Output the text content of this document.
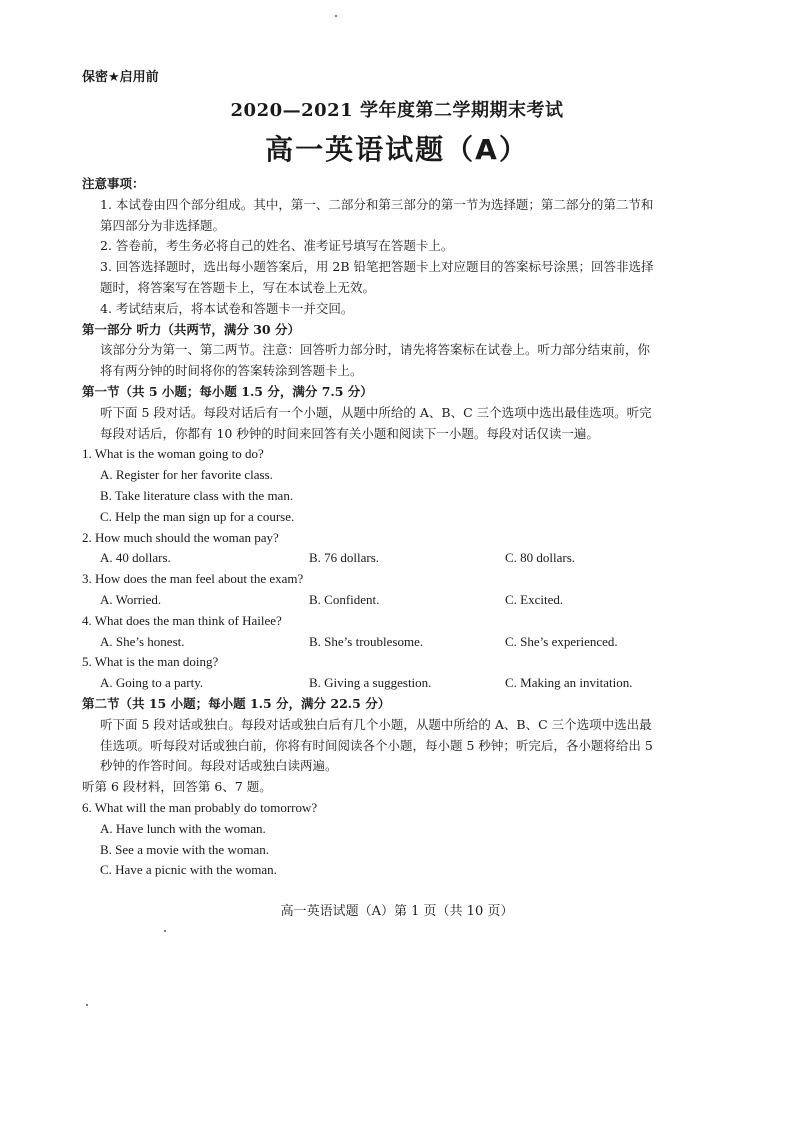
保密★启用前
2020—2021 学年度第二学期期末考试
高一英语试题（A）
注意事项：
1. 本试卷由四个部分组成。其中，第一、二部分和第三部分的第一节为选择题；第二部分的第二节和第四部分为非选择题。
2. 答卷前，考生务必将自己的姓名、准考证号填写在答题卡上。
3. 回答选择题时，选出每小题答案后，用 2B 铅笔把答题卡上对应题目的答案标号涂黑；回答非选择题时，将答案写在答题卡上，写在本试卷上无效。
4. 考试结束后，将本试卷和答题卡一并交回。
第一部分 听力（共两节，满分 30 分）
该部分分为第一、第二两节。注意：回答听力部分时，请先将答案标在试卷上。听力部分结束前，你将有两分钟的时间将你的答案转涂到答题卡上。
第一节（共 5 小题；每小题 1.5 分，满分 7.5 分）
听下面 5 段对话。每段对话后有一个小题，从题中所给的 A、B、C 三个选项中选出最佳选项。听完每段对话后，你都有 10 秒钟的时间来回答有关小题和阅读下一小题。每段对话仅读一遍。
1. What is the woman going to do?
A. Register for her favorite class.
B. Take literature class with the man.
C. Help the man sign up for a course.
2. How much should the woman pay?
A. 40 dollars.	B. 76 dollars.	C. 80 dollars.
3. How does the man feel about the exam?
A. Worried.	B. Confident.	C. Excited.
4. What does the man think of Hailee?
A. She’s honest.	B. She’s troublesome.	C. She’s experienced.
5. What is the man doing?
A. Going to a party.	B. Giving a suggestion.	C. Making an invitation.
第二节（共 15 小题；每小题 1.5 分，满分 22.5 分）
听下面 5 段对话或独白。每段对话或独白后有几个小题，从题中所给的 A、B、C 三个选项中选出最佳选项。听每段对话或独白前，你将有时间阅读各个小题，每小题 5 秒钟；听完后，各小题将给出 5 秒钟的作答时间。每段对话或独白读两遍。
听第 6 段材料，回答第 6、7 题。
6. What will the man probably do tomorrow?
A. Have lunch with the woman.
B. See a movie with the woman.
C. Have a picnic with the woman.
高一英语试题（A）第 1 页（共 10 页）
